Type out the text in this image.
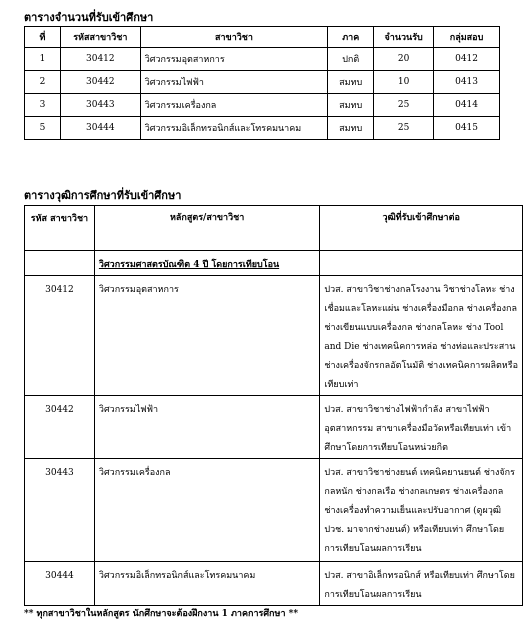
ตารางจำนวนที่รับเข้าศึกษา
ที่	รหัสสาขาวิชา	สาขาวิชา	ภาค	จำนวนรับ	กลุ่มสอบ
1	30412	วิศวกรรมอุตสาหการ	ปกติ	20	0412
2	30442	วิศวกรรมไฟฟ้า	สมทบ	10	0413
3	30443	วิศวกรรมเครื่องกล	สมทบ	25	0414
5	30444	วิศวกรรมอิเล็กทรอนิกส์และโทรคมนาคม	สมทบ	25	0415
ตารางวุฒิการศึกษาที่รับเข้าศึกษา
รหัส สาขาวิชา	หลักสูตร/สาขาวิชา	วุฒิที่รับเข้าศึกษาต่อ
	วิศวกรรมศาสตรบัณฑิต 4 ปี โดยการเทียบโอน	
30412	วิศวกรรมอุตสาหการ	ปวส. สาขาวิชาช่างกลโรงงาน วิชาช่างโลหะ ช่างเชื่อมและโลหะแผ่น ช่างเครื่องมือกล ช่างเครื่องกล ช่างเขียนแบบเครื่องกล ช่างกลโลหะ ช่าง Tool and Die ช่างเทคนิคการหล่อ ช่างท่อและประสาน ช่างเครื่องจักรกลอัตโนมัติ ช่างเทคนิคการผลิตหรือเทียบเท่า
30442	วิศวกรรมไฟฟ้า	ปวส. สาขาวิชาช่างไฟฟ้ากำลัง สาขาไฟฟ้าอุตสาหกรรม สาขาเครื่องมือวัดหรือเทียบเท่า เข้าศึกษาโดยการเทียบโอนหน่วยกิต
30443	วิศวกรรมเครื่องกล	ปวส. สาขาวิชาช่างยนต์ เทคนิคยานยนต์ ช่างจักรกลหนัก ช่างกลเรือ ช่างกลเกษตร ช่างเครื่องกล ช่างเครื่องทำความเย็นและปรับอากาศ (ดูผวุฒิ ปวช. มาจากช่างยนต์) หรือเทียบเท่า ศึกษาโดยการเทียบโอนผลการเรียน
30444	วิศวกรรมอิเล็กทรอนิกส์และโทรคมนาคม	ปวส. สาขาอิเล็กทรอนิกส์ หรือเทียบเท่า ศึกษาโดยการเทียบโอนผลการเรียน
** ทุกสาขาวิชาในหลักสูตร นักศึกษาจะต้องฝึกงาน 1 ภาคการศึกษา **
